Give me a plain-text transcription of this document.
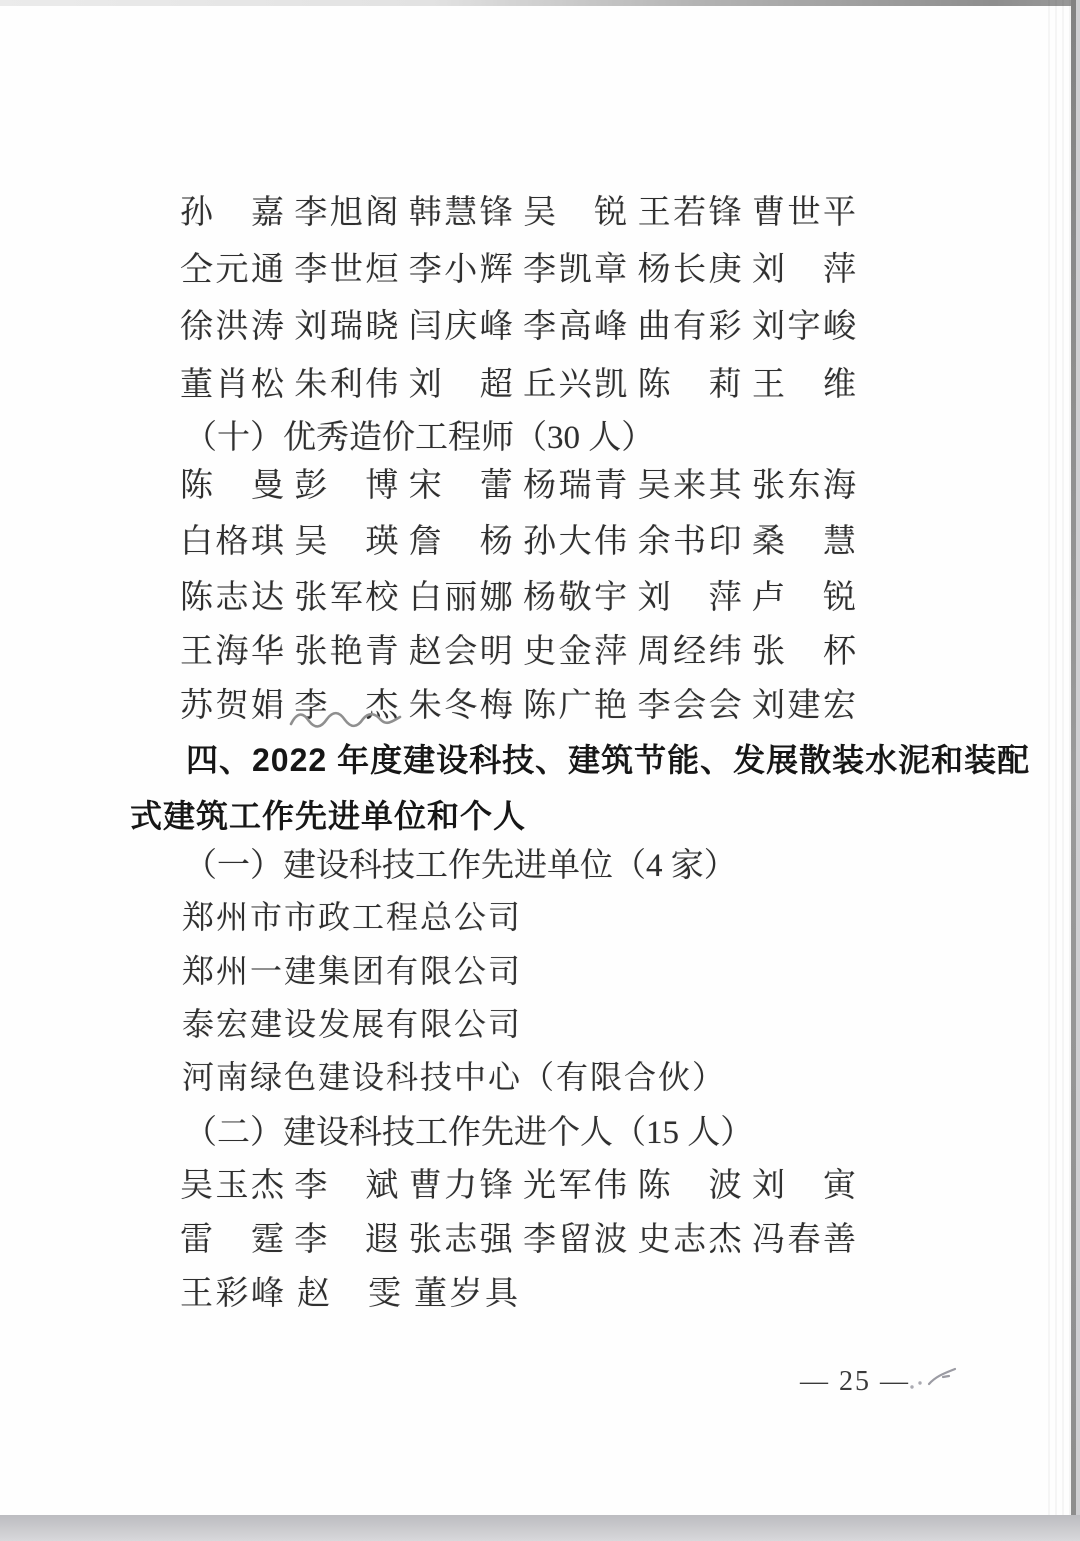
孙　嘉 李旭阁 韩慧锋 吴　锐 王若锋 曹世平
仝元通 李世烜 李小辉 李凯章 杨长庚 刘　萍
徐洪涛 刘瑞晓 闫庆峰 李高峰 曲有彩 刘字峻
董肖松 朱利伟 刘　超 丘兴凯 陈　莉 王　维
（十）优秀造价工程师（30 人）
陈　曼 彭　博 宋　蕾 杨瑞青 吴来其 张东海
白格琪 吴　瑛 詹　杨 孙大伟 余书印 桑　慧
陈志达 张军校 白丽娜 杨敬宇 刘　萍 卢　锐
王海华 张艳青 赵会明 史金萍 周经纬 张　杯
苏贺娟 李　杰 朱冬梅 陈广艳 李会会 刘建宏
四、2022 年度建设科技、建筑节能、发展散装水泥和装配
式建筑工作先进单位和个人
（一）建设科技工作先进单位（4 家）
郑州市市政工程总公司
郑州一建集团有限公司
泰宏建设发展有限公司
河南绿色建设科技中心（有限合伙）
（二）建设科技工作先进个人（15 人）
吴玉杰 李　斌 曹力锋 光军伟 陈　波 刘　寅
雷　霆 李　遐 张志强 李留波 史志杰 冯春善
王彩峰 赵　雯 董岁具
— 25 —
